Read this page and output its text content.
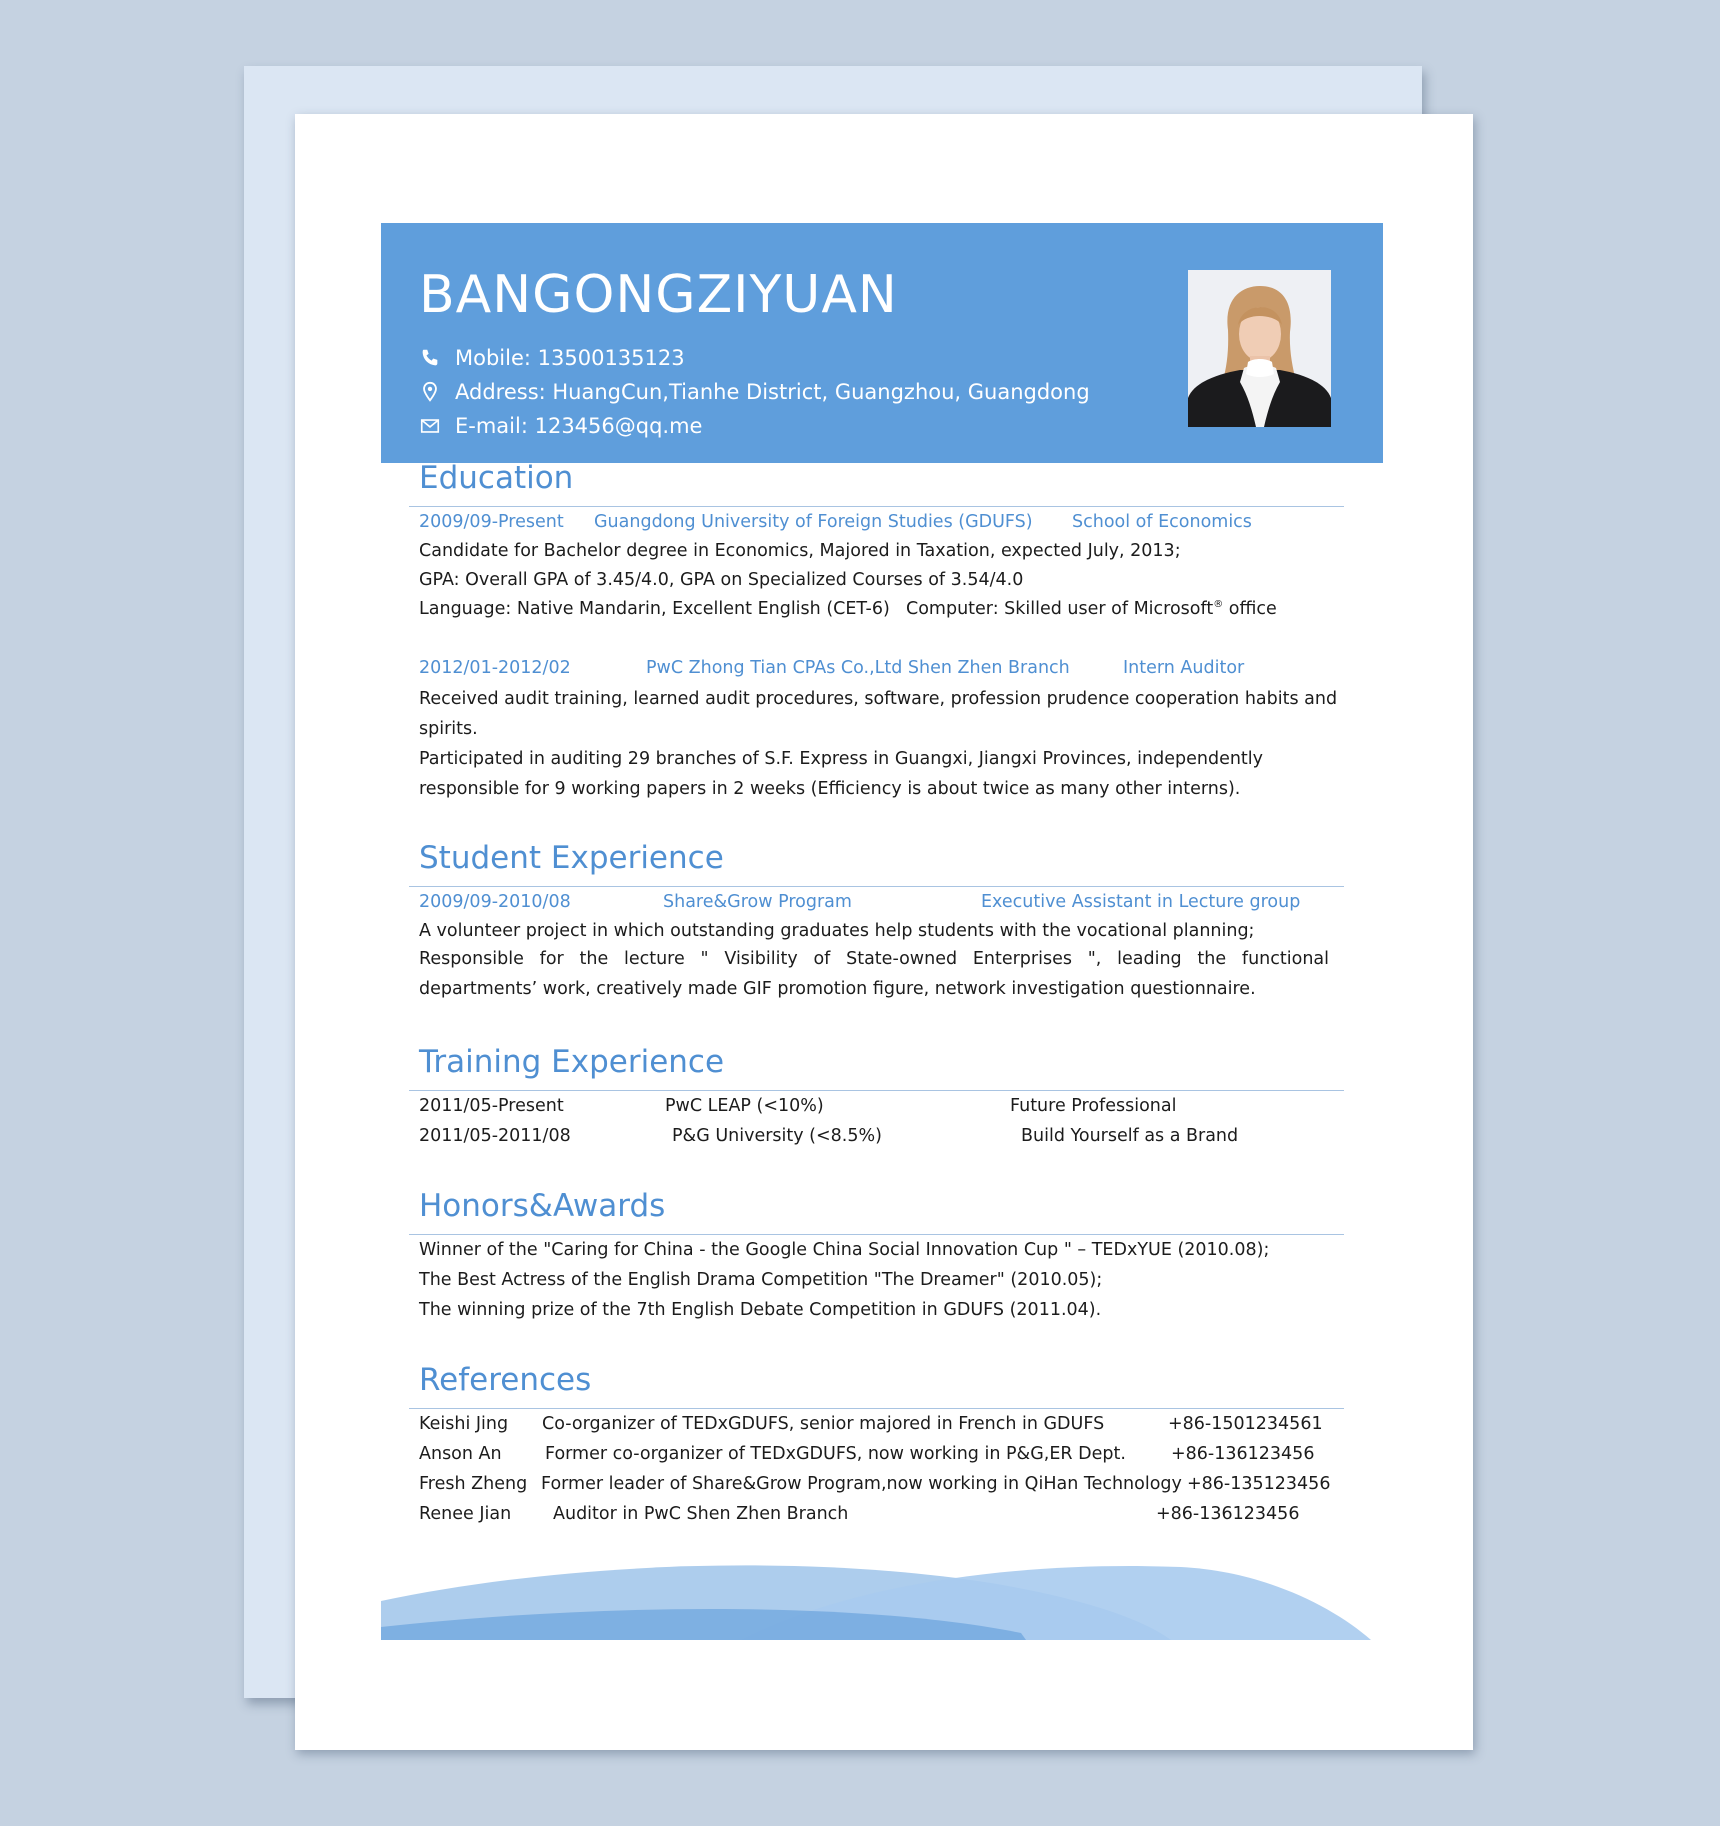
BANGONGZIYUAN
Mobile: 13500135123
Address: HuangCun,Tianhe District, Guangzhou, Guangdong
E-mail: 123456@qq.me
Education
2009/09-Present Guangdong University of Foreign Studies (GDUFS) School of Economics
Candidate for Bachelor degree in Economics, Majored in Taxation, expected July, 2013;
GPA: Overall GPA of 3.45/4.0, GPA on Specialized Courses of 3.54/4.0
Language: Native Mandarin, Excellent English (CET-6) Computer: Skilled user of Microsoft® office
2012/01-2012/02	PwC Zhong Tian CPAs Co.,Ltd Shen Zhen Branch	Intern Auditor
Received audit training, learned audit procedures, software, profession prudence cooperation habits and spirits.
Participated in auditing 29 branches of S.F. Express in Guangxi, Jiangxi Provinces, independently responsible for 9 working papers in 2 weeks (Efficiency is about twice as many other interns).
Student Experience
2009/09-2010/08	Share&Grow Program	Executive Assistant in Lecture group
A volunteer project in which outstanding graduates help students with the vocational planning;
Responsible for the lecture " Visibility of State-owned Enterprises ", leading the functional departments’ work, creatively made GIF promotion figure, network investigation questionnaire.
Training Experience
2011/05-Present	PwC LEAP (<10%)	Future Professional
2011/05-2011/08	P&G University (<8.5%)	Build Yourself as a Brand
Honors&Awards
Winner of the "Caring for China - the Google China Social Innovation Cup " – TEDxYUE (2010.08);
The Best Actress of the English Drama Competition "The Dreamer" (2010.05);
The winning prize of the 7th English Debate Competition in GDUFS (2011.04).
References
Keishi Jing Co-organizer of TEDxGDUFS, senior majored in French in GDUFS	+86-1501234561
Anson An Former co-organizer of TEDxGDUFS, now working in P&G,ER Dept.	+86-136123456
Fresh Zheng Former leader of Share&Grow Program,now working in QiHan Technology +86-135123456
Renee Jian Auditor in PwC Shen Zhen Branch	+86-136123456
